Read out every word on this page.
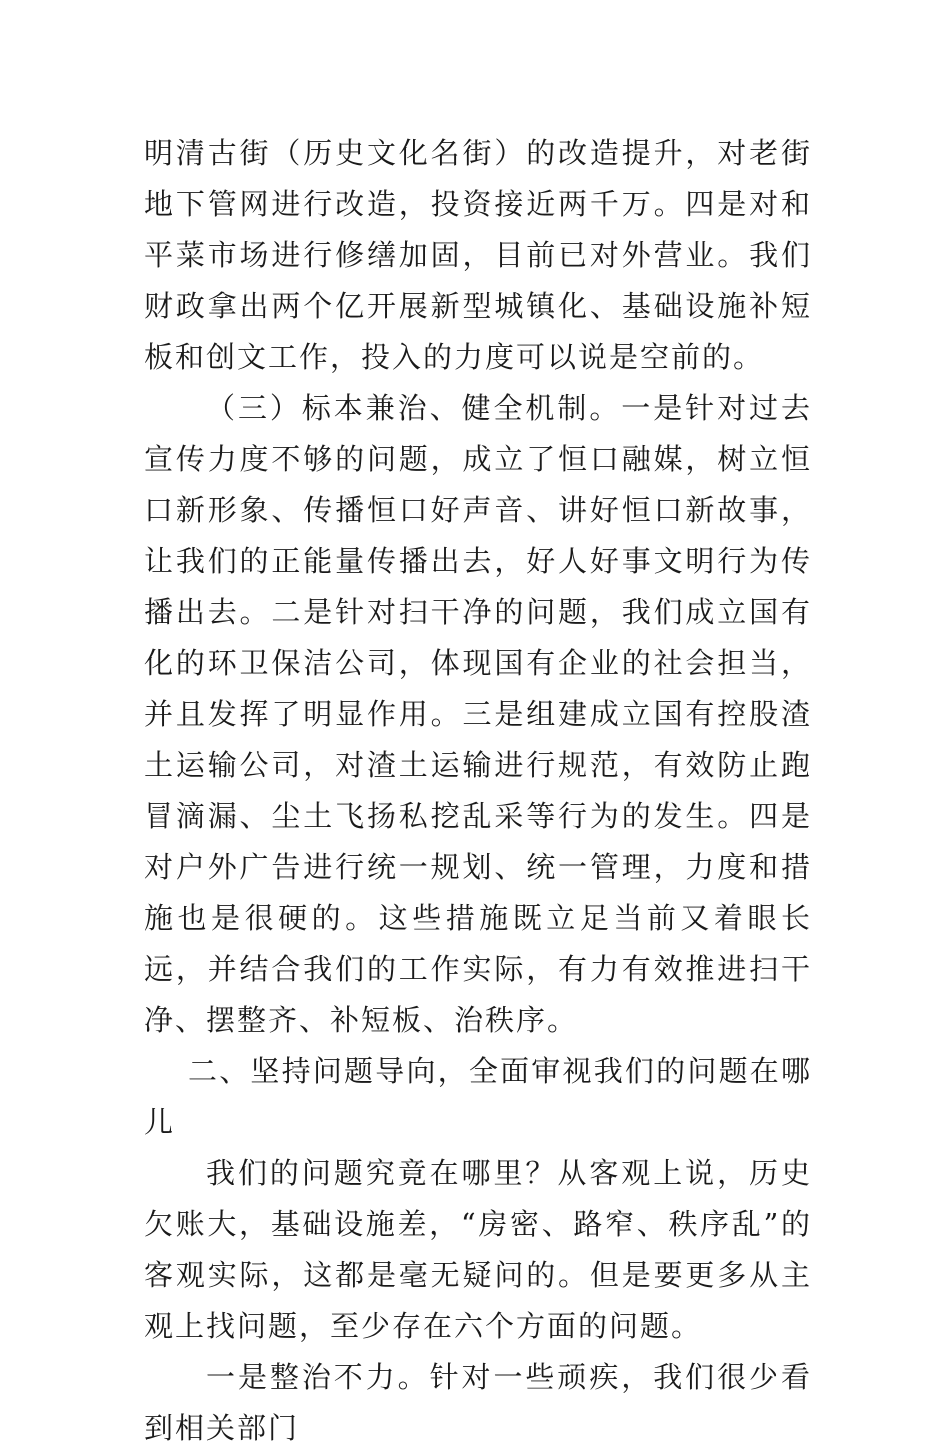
明清古街（历史文化名街）的改造提升，对老街地下管网进行改造，投资接近两千万。四是对和平菜市场进行修缮加固，目前已对外营业。我们财政拿出两个亿开展新型城镇化、基础设施补短板和创文工作，投入的力度可以说是空前的。

（三）标本兼治、健全机制。一是针对过去宣传力度不够的问题，成立了恒口融媒，树立恒口新形象、传播恒口好声音、讲好恒口新故事，让我们的正能量传播出去，好人好事文明行为传播出去。二是针对扫干净的问题，我们成立国有化的环卫保洁公司，体现国有企业的社会担当，并且发挥了明显作用。三是组建成立国有控股渣土运输公司，对渣土运输进行规范，有效防止跑冒滴漏、尘土飞扬私挖乱采等行为的发生。四是对户外广告进行统一规划、统一管理，力度和措施也是很硬的。这些措施既立足当前又着眼长远，并结合我们的工作实际，有力有效推进扫干净、摆整齐、补短板、治秩序。

二、坚持问题导向，全面审视我们的问题在哪儿

我们的问题究竟在哪里？从客观上说，历史欠账大，基础设施差，“房密、路窄、秩序乱”的客观实际，这都是毫无疑问的。但是要更多从主观上找问题，至少存在六个方面的问题。

一是整治不力。针对一些顽疾，我们很少看到相关部门
